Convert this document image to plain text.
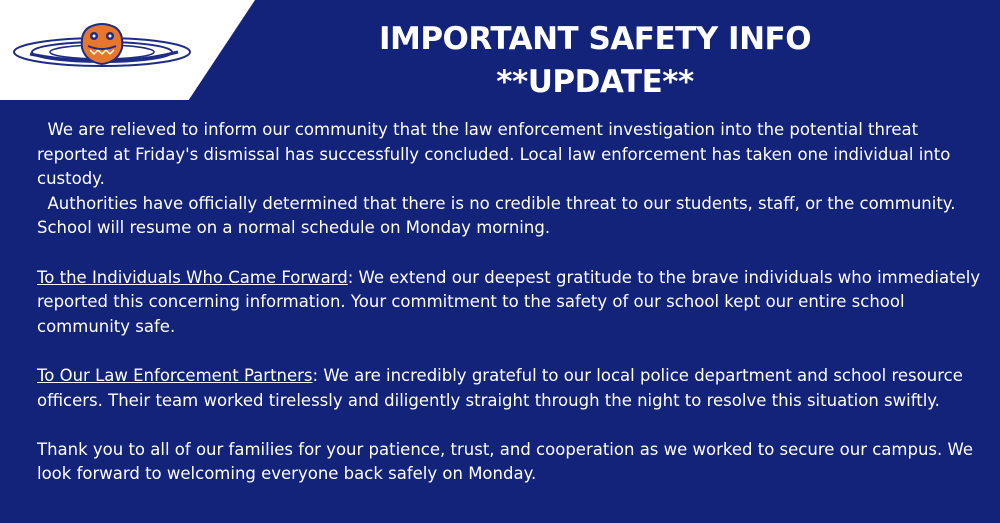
IMPORTANT SAFETY INFO
**UPDATE**

We are relieved to inform our community that the law enforcement investigation into the potential threat reported at Friday's dismissal has successfully concluded. Local law enforcement has taken one individual into custody.

Authorities have officially determined that there is no credible threat to our students, staff, or the community.  School will resume on a normal schedule on Monday morning.

To the Individuals Who Came Forward: We extend our deepest gratitude to the brave individuals who immediately reported this concerning information. Your commitment to the safety of our school kept our entire school community safe.

To Our Law Enforcement Partners: We are incredibly grateful to our local police department and school resource officers. Their team worked tirelessly and diligently straight through the night to resolve this situation swiftly.

Thank you to all of our families for your patience, trust, and cooperation as we worked to secure our campus. We look forward to welcoming everyone back safely on Monday.
